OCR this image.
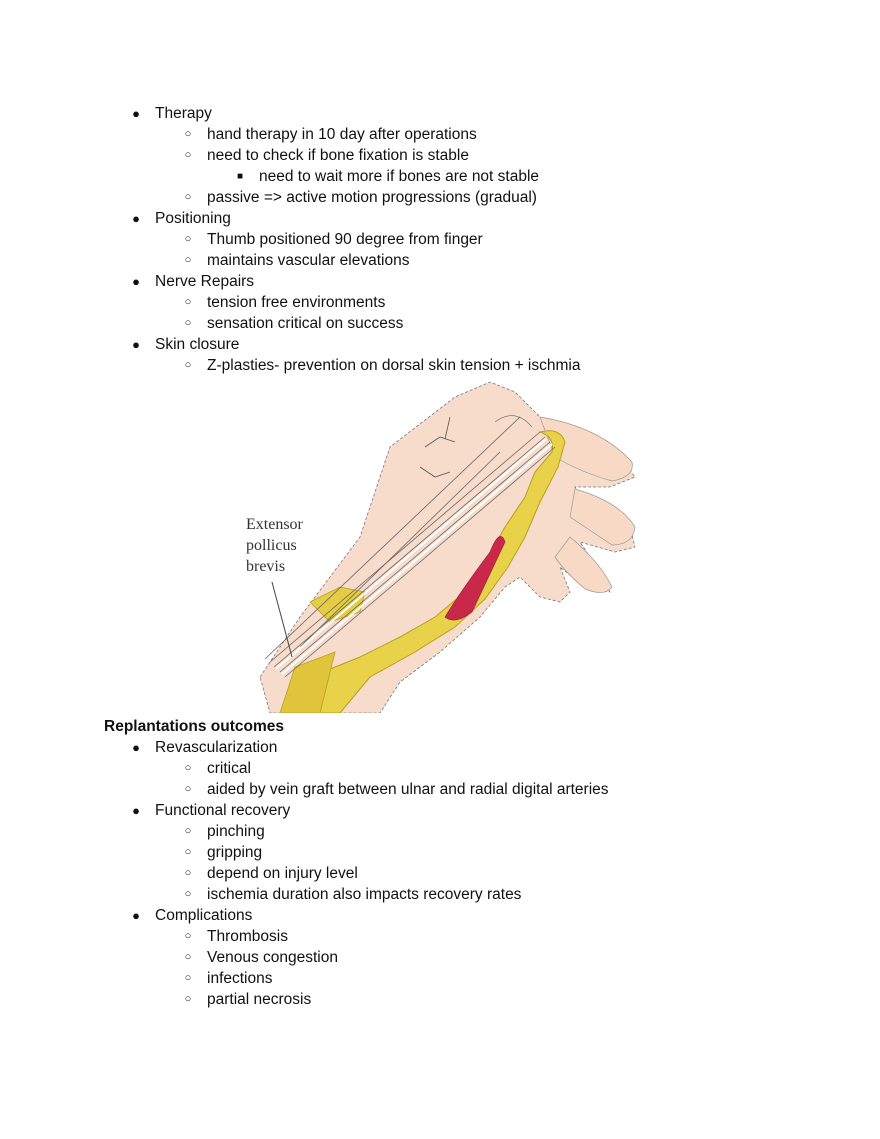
● Therapy
○ hand therapy in 10 day after operations
○ need to check if bone fixation is stable
■ need to wait more if bones are not stable
○ passive => active motion progressions (gradual)
● Positioning
○ Thumb positioned 90 degree from finger
○ maintains vascular elevations
● Nerve Repairs
○ tension free environments
○ sensation critical on success
● Skin closure
○ Z-plasties- prevention on dorsal skin tension + ischmia
Extensor
pollicus
brevis
Replantations outcomes
● Revascularization
○ critical
○ aided by vein graft between ulnar and radial digital arteries
● Functional recovery
○ pinching
○ gripping
○ depend on injury level
○ ischemia duration also impacts recovery rates
● Complications
○ Thrombosis
○ Venous congestion
○ infections
○ partial necrosis
